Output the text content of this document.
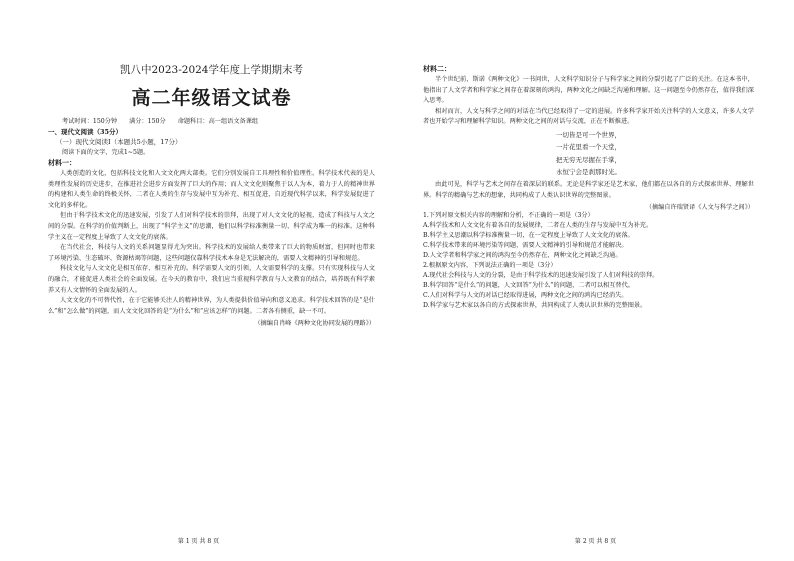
凯八中2023-2024学年度上学期期末考
高二年级语文试卷
考试时间：150分钟 满分：150分 命题科目：高一组语文备课组
一、现代文阅读（35分）
（一）现代文阅读Ⅰ（本题共5小题，17分）
阅读下面的文字，完成1~5题。
材料一：

人类创造的文化，包括科技文化和人文文化两大部类。它们分别发展自工具理性和价值理性。科学技术代表的是人类理性发展的历史进步，在推进社会进步方面发挥了巨大的作用；而人文文化则聚焦于以人为本，着力于人的精神世界的构建和人类生命的终极关怀，二者在人类的生存与发展中互为补充、相互促进，自近现代科学以来，科学发展促进了文化的多样化。

但由于科学技术文化的迅速发展，引发了人们对科学技术的崇拜，出现了对人文文化的轻视，造成了科技与人文之间的分裂。在科学的价值判断上，出现了“科学主义”的思潮，他们以科学标准衡量一切，科学成为唯一的标准。这种科学主义在一定程度上导致了人文文化的衰落。

在当代社会，科技与人文的关系问题显得尤为突出。科学技术的发展给人类带来了巨大的物质财富，但同时也带来了环境污染、生态破坏、资源枯竭等问题，这些问题仅靠科学技术本身是无法解决的，需要人文精神的引导和规范。

科技文化与人文文化是相互依存、相互补充的。科学需要人文的引领，人文需要科学的支撑。只有实现科技与人文的融合，才能促进人类社会的全面发展。在今天的教育中，我们应当重视科学教育与人文教育的结合，培养既有科学素养又有人文情怀的全面发展的人。

人文文化的不可替代性，在于它能够关注人的精神世界，为人类提供价值导向和意义追求。科学技术回答的是“是什么”和“怎么做”的问题，而人文文化回答的是“为什么”和“应该怎样”的问题。二者各有侧重，缺一不可。

（摘编自肖峰《两种文化协同发展的理路》）
第 1 页 共 8 页
材料二：

半个世纪前，斯诺《两种文化》一书问世，人文科学知识分子与科学家之间的分裂引起了广泛的关注。在这本书中，他指出了人文学者和科学家之间存在着深刻的鸿沟，两种文化之间缺乏沟通和理解。这一问题至今仍然存在，值得我们深入思考。

相对而言，人文与科学之间的对话在当代已经取得了一定的进展。许多科学家开始关注科学的人文意义，许多人文学者也开始学习和理解科学知识。两种文化之间的对话与交流，正在不断推进。

一切皆是可一个世界，
一片花里看一个天堂，
把无穷无尽握在手掌，
永恒宁会是刹那时光。

由此可见，科学与艺术之间存在着深层的联系。无论是科学家还是艺术家，他们都在以各自的方式探索世界、理解世界。科学的精确与艺术的想象，共同构成了人类认识世界的完整图景。

（摘编自许瑞贤译《人文与科学之间》）

1.下列对原文相关内容的理解和分析，不正确的一项是（3分）

A.科学技术和人文文化有着各自的发展规律，二者在人类的生存与发展中互为补充。

B.科学主义思潮以科学标准衡量一切，在一定程度上导致了人文文化的衰落。

C.科学技术带来的环境污染等问题，需要人文精神的引导和规范才能解决。

D.人文学者和科学家之间的鸿沟至今仍然存在，两种文化之间缺乏沟通。

2.根据原文内容，下列说法正确的一项是（3分）

A.现代社会科技与人文的分裂，是由于科学技术的迅速发展引发了人们对科技的崇拜。

B.科学回答“是什么”的问题，人文回答“为什么”的问题，二者可以相互替代。

C.人们对科学与人文的对话已经取得进展，两种文化之间的鸿沟已经消失。

D.科学家与艺术家以各自的方式探索世界，共同构成了人类认识世界的完整图景。

第 2 页 共 8 页
